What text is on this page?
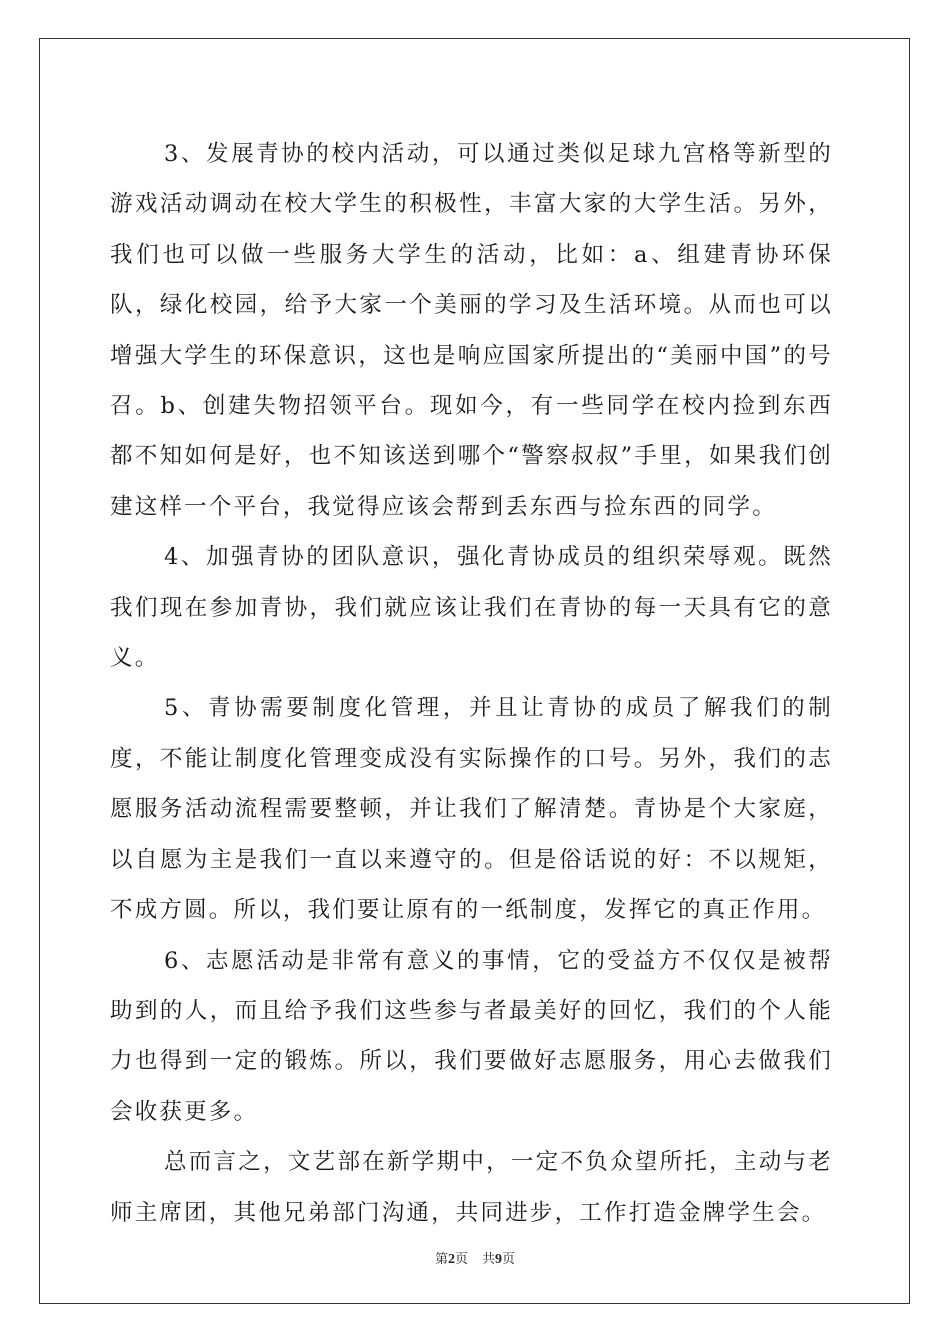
3、发展青协的校内活动，可以通过类似足球九宫格等新型的游戏活动调动在校大学生的积极性，丰富大家的大学生活。另外，我们也可以做一些服务大学生的活动，比如：a、组建青协环保队，绿化校园，给予大家一个美丽的学习及生活环境。从而也可以增强大学生的环保意识，这也是响应国家所提出的“美丽中国”的号召。b、创建失物招领平台。现如今，有一些同学在校内捡到东西都不知如何是好，也不知该送到哪个“警察叔叔”手里，如果我们创建这样一个平台，我觉得应该会帮到丢东西与捡东西的同学。

4、加强青协的团队意识，强化青协成员的组织荣辱观。既然我们现在参加青协，我们就应该让我们在青协的每一天具有它的意义。

5、青协需要制度化管理，并且让青协的成员了解我们的制度，不能让制度化管理变成没有实际操作的口号。另外，我们的志愿服务活动流程需要整顿，并让我们了解清楚。青协是个大家庭，以自愿为主是我们一直以来遵守的。但是俗话说的好：不以规矩，不成方圆。所以，我们要让原有的一纸制度，发挥它的真正作用。

6、志愿活动是非常有意义的事情，它的受益方不仅仅是被帮助到的人，而且给予我们这些参与者最美好的回忆，我们的个人能力也得到一定的锻炼。所以，我们要做好志愿服务，用心去做我们会收获更多。

总而言之，文艺部在新学期中，一定不负众望所托，主动与老师主席团，其他兄弟部门沟通，共同进步，工作打造金牌学生会。

第2页 共9页
